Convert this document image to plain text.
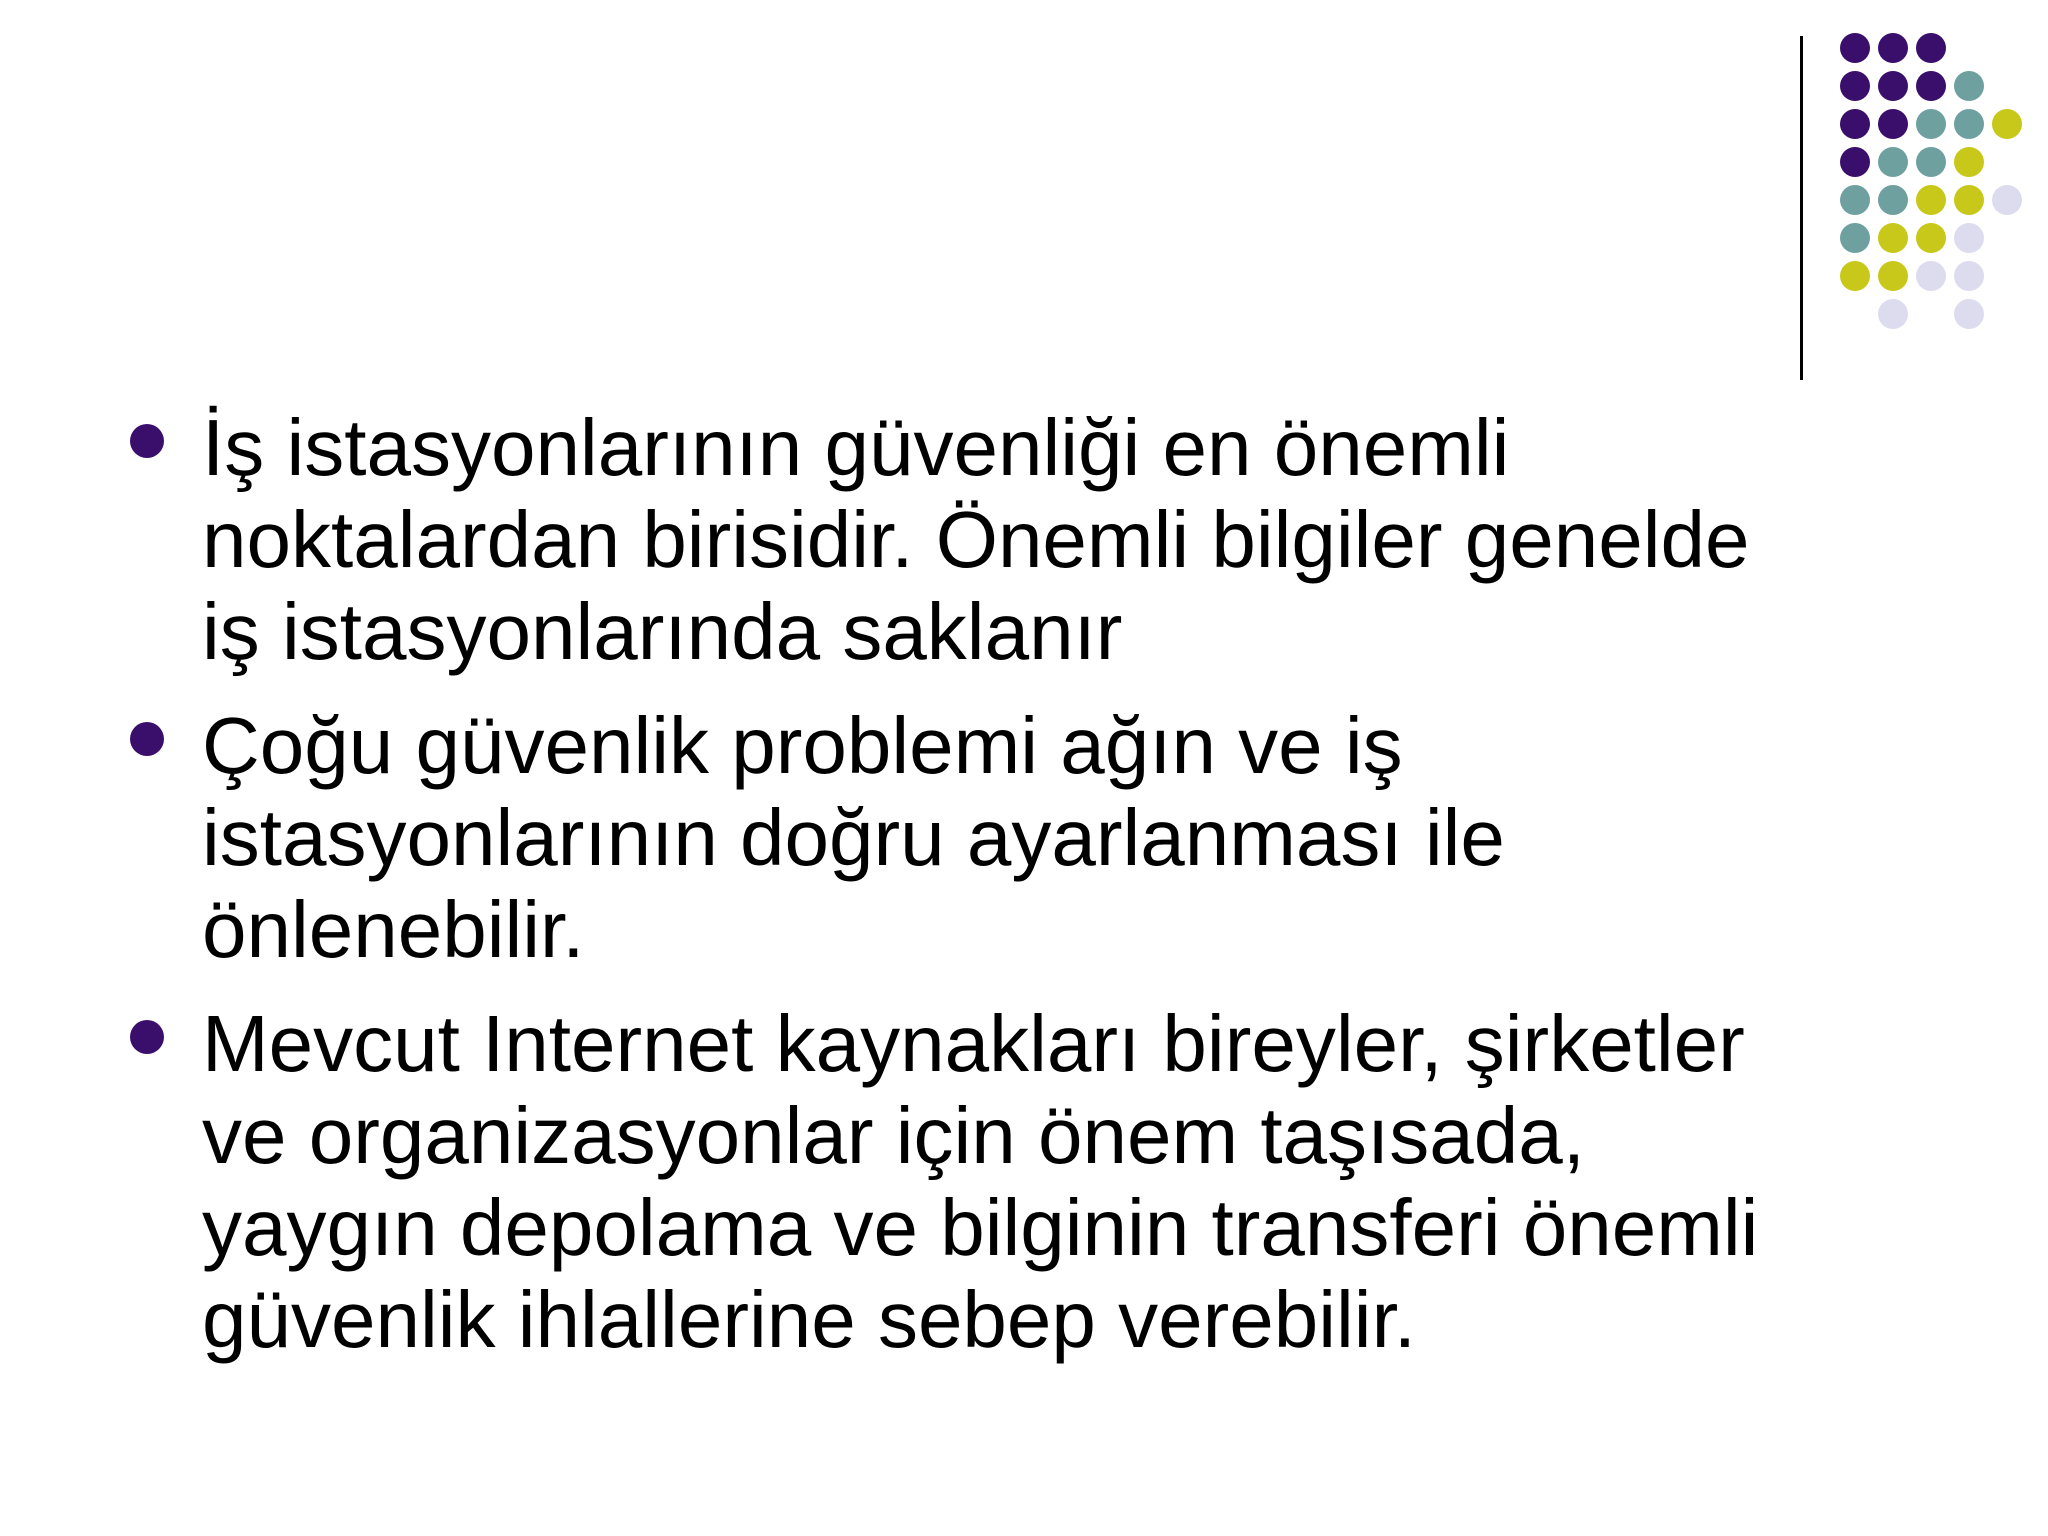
İş istasyonlarının güvenliği en önemli
noktalardan birisidir. Önemli bilgiler genelde
iş istasyonlarında saklanır
Çoğu güvenlik problemi ağın ve iş
istasyonlarının doğru ayarlanması ile
önlenebilir.
Mevcut Internet kaynakları bireyler, şirketler
ve organizasyonlar için önem taşısada,
yaygın depolama ve bilginin transferi önemli
güvenlik ihlallerine sebep verebilir.
